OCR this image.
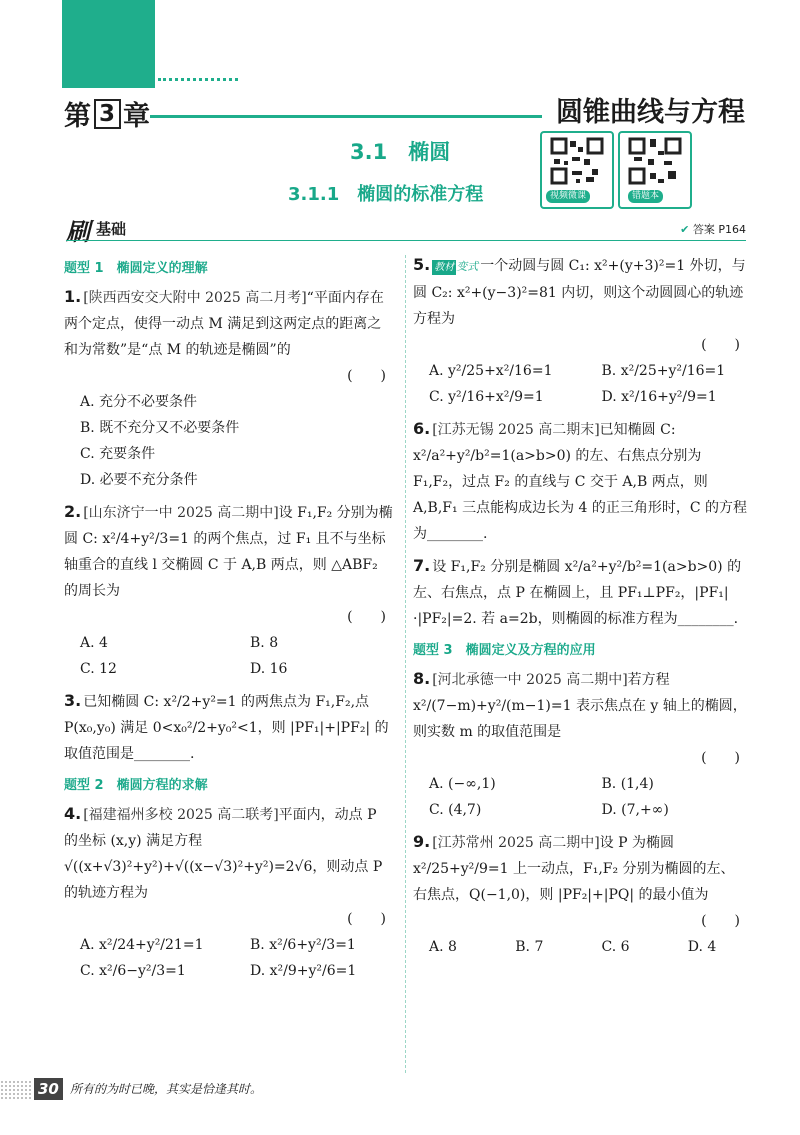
第 3 章	圆锥曲线与方程
3.1　椭圆
3.1.1　椭圆的标准方程	视频微课	错题本
刷 基础	✔ 答案 P164
题型 1　椭圆定义的理解
1. [陕西西安交大附中 2025 高二月考]“平面内存在两个定点，使得一动点 M 满足到这两定点的距离之和为常数”是“点 M 的轨迹是椭圆”的
(　　)
A. 充分不必要条件
B. 既不充分又不必要条件
C. 充要条件
D. 必要不充分条件
2. [山东济宁一中 2025 高二期中]设 F₁,F₂ 分别为椭圆 C: x²/4+y²/3=1 的两个焦点，过 F₁ 且不与坐标轴重合的直线 l 交椭圆 C 于 A,B 两点，则 △ABF₂ 的周长为
(　　)
A. 4	B. 8
C. 12	D. 16
3. 已知椭圆 C: x²/2+y²=1 的两焦点为 F₁,F₂,点 P(x₀,y₀) 满足 0<x₀²/2+y₀²<1，则 |PF₁|+|PF₂| 的取值范围是________.
题型 2　椭圆方程的求解
4. [福建福州多校 2025 高二联考]平面内，动点 P 的坐标 (x,y) 满足方程 √((x+√3)²+y²)+√((x−√3)²+y²)=2√6，则动点 P 的轨迹方程为
(　　)
A. x²/24+y²/21=1	B. x²/6+y²/3=1
C. x²/6−y²/3=1	D. x²/9+y²/6=1
5. 教材 变式 一个动圆与圆 C₁: x²+(y+3)²=1 外切，与圆 C₂: x²+(y−3)²=81 内切，则这个动圆圆心的轨迹方程为
(　　)
A. y²/25+x²/16=1	B. x²/25+y²/16=1
C. y²/16+x²/9=1	D. x²/16+y²/9=1
6. [江苏无锡 2025 高二期末]已知椭圆 C: x²/a²+y²/b²=1(a>b>0) 的左、右焦点分别为 F₁,F₂，过点 F₂ 的直线与 C 交于 A,B 两点，则 A,B,F₁ 三点能构成边长为 4 的正三角形时，C 的方程为________.
7. 设 F₁,F₂ 分别是椭圆 x²/a²+y²/b²=1(a>b>0) 的左、右焦点，点 P 在椭圆上，且 PF₁⊥PF₂，|PF₁|·|PF₂|=2. 若 a=2b，则椭圆的标准方程为________.
题型 3　椭圆定义及方程的应用
8. [河北承德一中 2025 高二期中]若方程 x²/(7−m)+y²/(m−1)=1 表示焦点在 y 轴上的椭圆，则实数 m 的取值范围是
(　　)
A. (−∞,1)	B. (1,4)
C. (4,7)	D. (7,+∞)
9. [江苏常州 2025 高二期中]设 P 为椭圆 x²/25+y²/9=1 上一动点，F₁,F₂ 分别为椭圆的左、右焦点，Q(−1,0)，则 |PF₂|+|PQ| 的最小值为
(　　)
A. 8	B. 7	C. 6	D. 4
30 所有的为时已晚，其实是恰逢其时。
